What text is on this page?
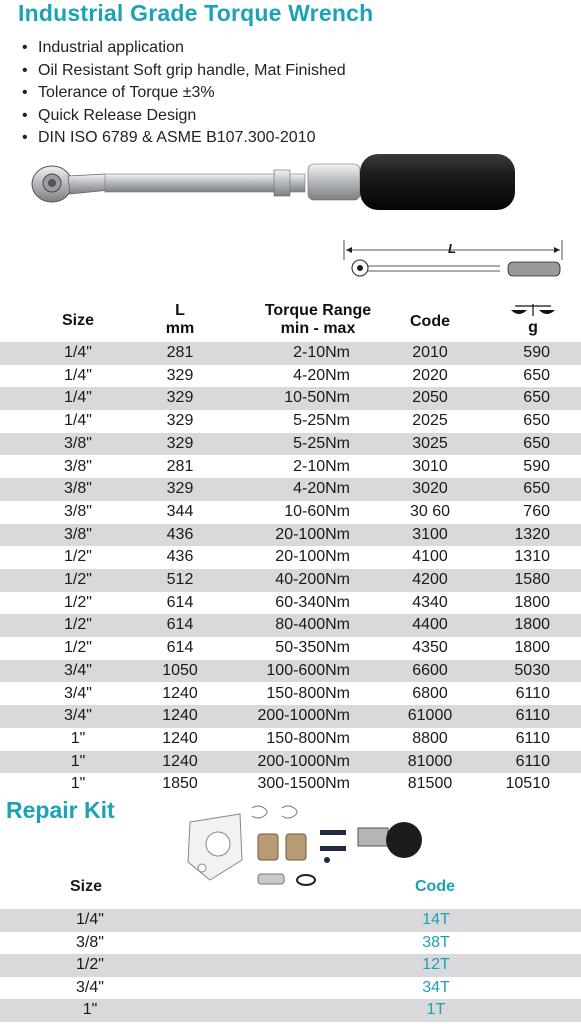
Industrial Grade Torque Wrench
• Industrial application
• Oil Resistant Soft grip handle, Mat Finished
• Tolerance of Torque ±3%
• Quick Release Design
• DIN ISO 6789 & ASME B107.300-2010
L
Size
L
mm
Torque Range
min - max	Code	g
1/4"	281	2-10Nm	2010	590
1/4"	329	4-20Nm	2020	650
1/4"	329	10-50Nm	2050	650
1/4"	329	5-25Nm	2025	650
3/8"	329	5-25Nm	3025	650
3/8"	281	2-10Nm	3010	590
3/8"	329	4-20Nm	3020	650
3/8"	344	10-60Nm	30 60	760
3/8"	436	20-100Nm	3100	1320
1/2"	436	20-100Nm	4100	1310
1/2"	512	40-200Nm	4200	1580
1/2"	614	60-340Nm	4340	1800
1/2"	614	80-400Nm	4400	1800
1/2"	614	50-350Nm	4350	1800
3/4"	1050	100-600Nm	6600	5030
3/4"	1240	150-800Nm	6800	6110
3/4"	1240	200-1000Nm	61000	6110
1"	1240	150-800Nm	8800	6110
1"	1240	200-1000Nm	81000	6110
1"	1850	300-1500Nm	81500	10510
Repair Kit
Size	Code
1/4"	14T
3/8"	38T
1/2"	12T
3/4"	34T
1"	1T
